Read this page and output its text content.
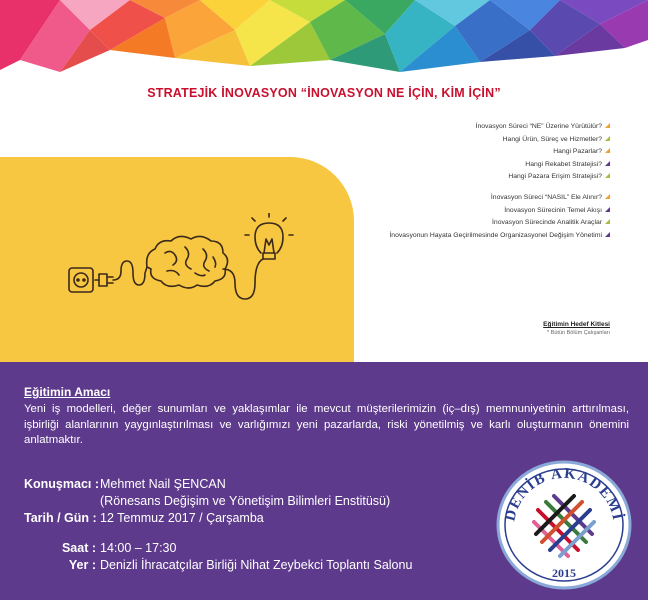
STRATEJİK İNOVASYON “İNOVASYON NE İÇİN, KİM İÇİN”
İnovasyon Süreci “NE” Üzerine Yürütülür?
Hangi Ürün, Süreç ve Hizmetler?
Hangi Pazarlar?
Hangi Rekabet Stratejisi?
Hangi Pazara Erişim Stratejisi?
İnovasyon Süreci “NASIL” Ele Alınır?
İnovasyon Sürecinin Temel Akışı
İnovasyon Sürecinde Analitik Araçlar
İnovasyonun Hayata Geçirilmesinde Organizasyonel Değişim Yönetimi
Eğitimin Hedef Kitlesi
* Bütün Bölüm Çalışanları
Eğitimin Amacı
Yeni iş modelleri, değer sunumları ve yaklaşımlar ile mevcut müşterilerimizin (iç–dış) memnuniyetinin arttırılması, işbirliği alanlarının yaygınlaştırılması ve varlığımızı yeni pazarlarda, riski yönetilmiş ve karlı oluşturmanın önemini anlatmaktır.
Konuşmacı :Mehmet Nail ŞENCAN
(Rönesans Değişim ve Yönetişim Bilimleri Enstitüsü)
Tarih / Gün : 12 Temmuz 2017 / Çarşamba
Saat : 14:00 – 17:30
Yer : Denizli İhracatçılar Birliği Nihat Zeybekci Toplantı Salonu
DENİB AKADEMİ
2015
